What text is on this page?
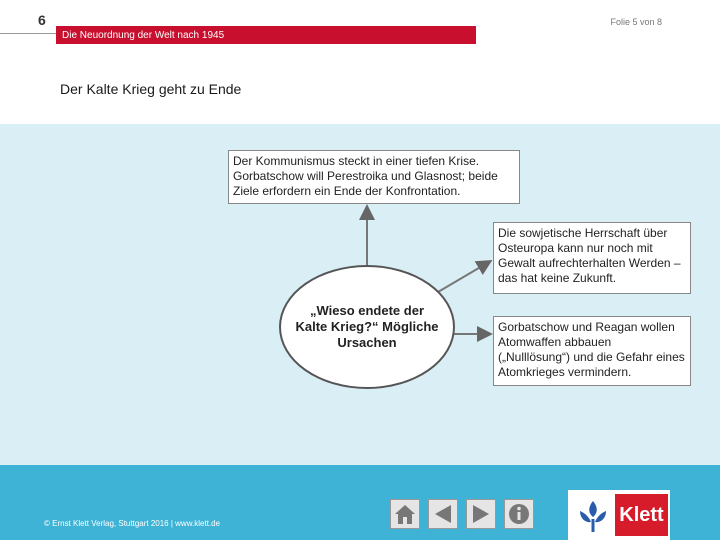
6	Folie 5 von 8
Die Neuordnung der Welt nach 1945
Der Kalte Krieg geht zu Ende
Der Kommunismus steckt in einer tiefen Krise. Gorbatschow will Perestroika und Glasnost; beide Ziele erfordern ein Ende der Konfrontation.
Die sowjetische Herrschaft über Osteuropa kann nur noch mit Gewalt aufrechterhalten Werden – das hat keine Zukunft.
Gorbatschow und Reagan wollen Atomwaffen abbauen („Nulllösung“) und die Gefahr eines Atomkrieges vermindern.
„Wieso endete der Kalte Krieg?“ Mögliche Ursachen
© Ernst Klett Verlag, Stuttgart 2016 | www.klett.de	Klett
